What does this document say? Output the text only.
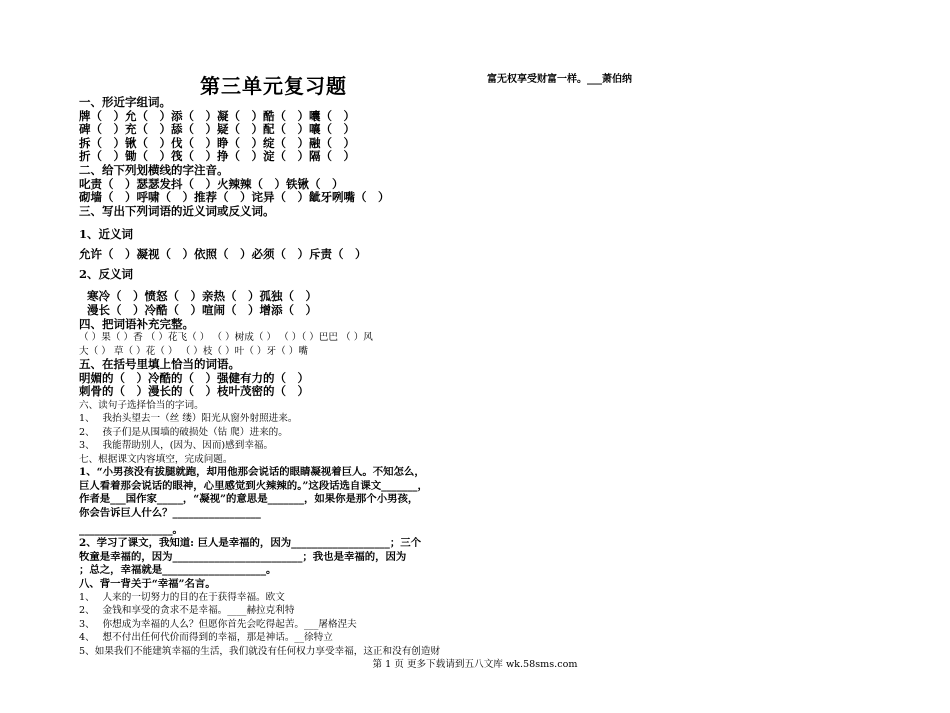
第三单元复习题	富无权享受财富一样。___萧伯纳
一、形近字组词。
牌（　）允（　）添（　）凝（　）酷（　）囔（　）
碑（　）充（　）舔（　）疑（　）配（　）嚷（　）
拆（　）锹（　）伐（　）睁（　）绽（　）融（　）
折（　）锄（　）筏（　）挣（　）淀（　）隔（　）
二、给下列划横线的字注音。
叱责（　）瑟瑟发抖（　）火辣辣（　）铁锹（　）
砌墙（　）呼啸（　）推荐（　）诧异（　）龇牙咧嘴（　）
三、写出下列词语的近义词或反义词。
1、近义词
允许（　）凝视（　）依照（　）必须（　）斥责（　）
2、反义词
寒冷（　）愤怒（　）亲热（　）孤独（　）
漫长（　）冷酷（　）喧闹（　）增添（　）
四、把词语补充完整。
（ ）果（ ）香 （ ）花飞（ ） （ ）树成（ ） （ ）（ ）巴巴 （ ）风
大（ ） 草（ ）花（ ） （ ）枝（ ）叶（ ）牙（ ）嘴
五、在括号里填上恰当的词语。
明媚的（　）冷酷的（　）强健有力的（　）
刺骨的（　）漫长的（　）枝叶茂密的（　）
六、读句子选择恰当的字词。
1、　 我抬头望去一（丝 缕）阳光从窗外射照进来。
2、　 孩子们是从围墙的破损处（钻 爬）进来的。
3、　 我能帮助别人，(因为、因而)感到幸福。
七、根据课文内容填空，完成问题。
1、“小男孩没有拔腿就跑，却用他那会说话的眼睛凝视着巨人。不知怎么，
巨人看着那会说话的眼神，心里感觉到火辣辣的。”这段话选自课文_______，
作者是___国作家_____，“凝视”的意思是_______，如果你是那个小男孩，
你会告诉巨人什么？_________________
__________________。
2、学习了课文，我知道: 巨人是幸福的，因为___________________；三个
牧童是幸福的，因为_________________________；我也是幸福的，因为
；总之，幸福就是____________________。
八、背一背关于“幸福”名言。
1、　 人来的一切努力的目的在于获得幸福。欧文
2、　 金钱和享受的贪求不是幸福。____赫拉克利特
3、　 你想成为幸福的人么？但愿你首先会吃得起苦。___屠格涅夫
4、　 想不付出任何代价而得到的幸福，那是神话。__徐特立
5、如果我们不能建筑幸福的生活，我们就没有任何权力享受幸福，这正和没有创造财
第 1 页 更多下载请到五八文库 wk.58sms.com
